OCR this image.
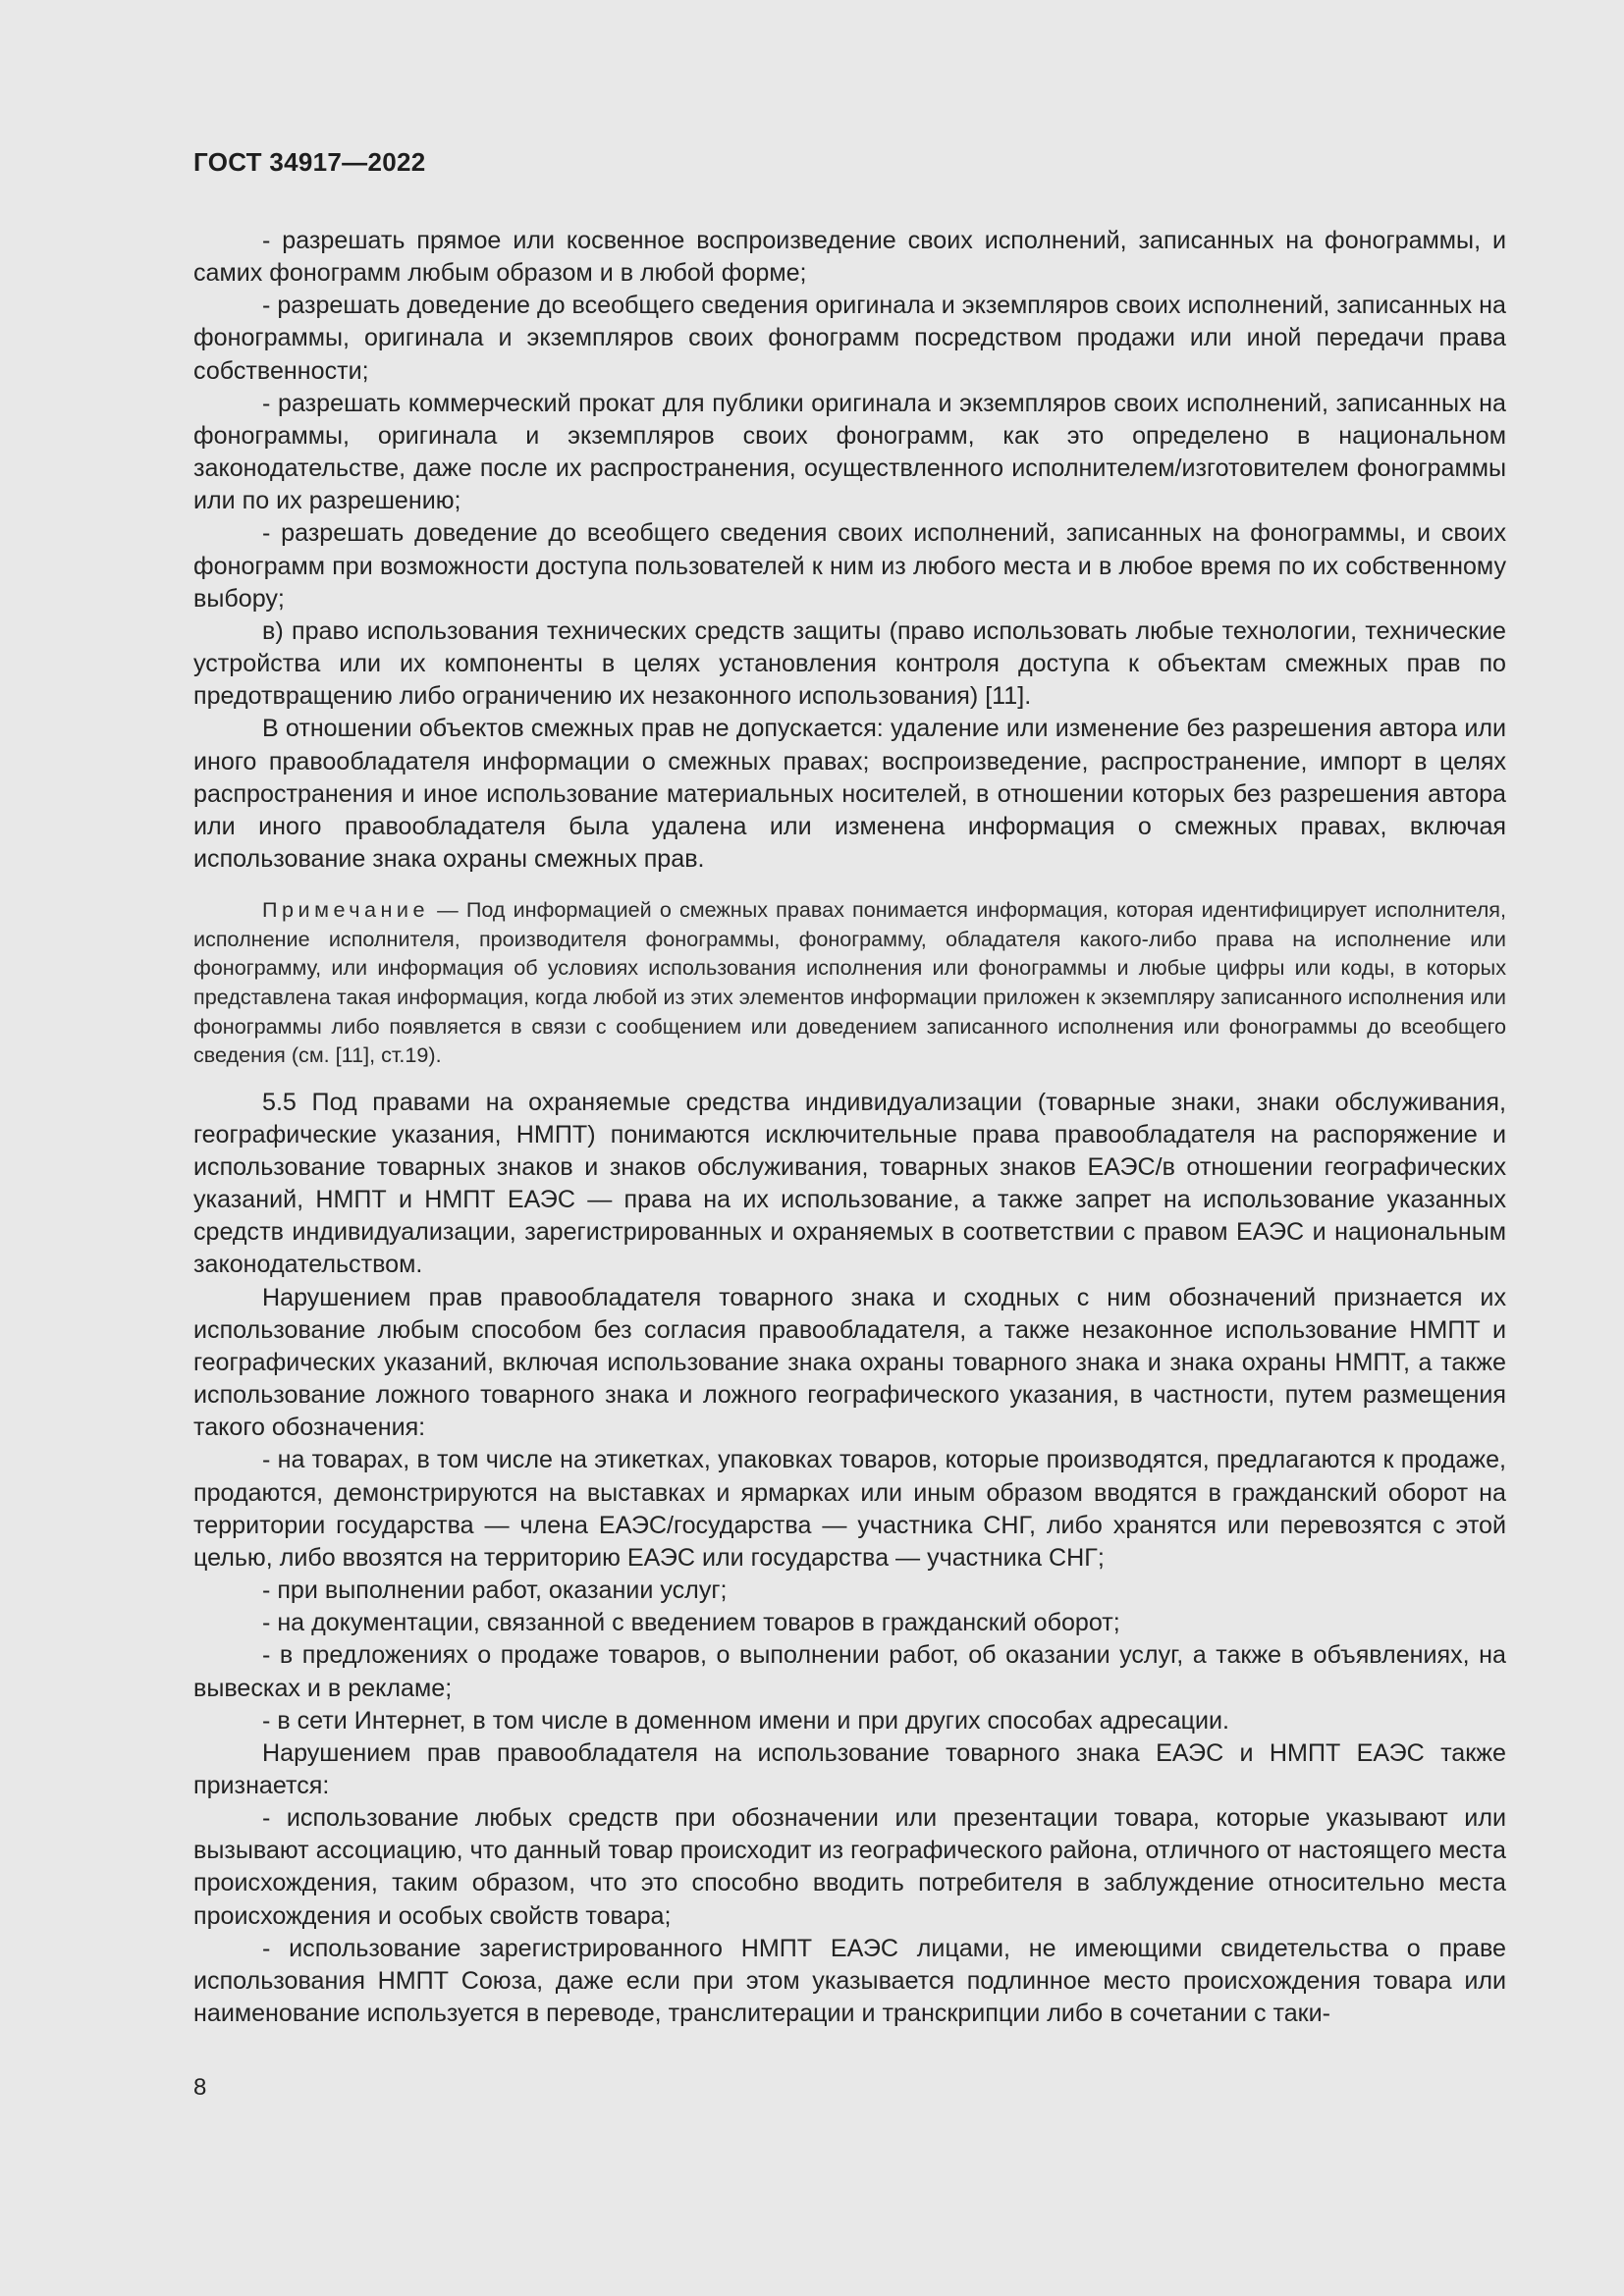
ГОСТ 34917—2022

- разрешать прямое или косвенное воспроизведение своих исполнений, записанных на фонограммы, и самих фонограмм любым образом и в любой форме;

- разрешать доведение до всеобщего сведения оригинала и экземпляров своих исполнений, записанных на фонограммы, оригинала и экземпляров своих фонограмм посредством продажи или иной передачи права собственности;

- разрешать коммерческий прокат для публики оригинала и экземпляров своих исполнений, записанных на фонограммы, оригинала и экземпляров своих фонограмм, как это определено в национальном законодательстве, даже после их распространения, осуществленного исполнителем/изготовителем фонограммы или по их разрешению;

- разрешать доведение до всеобщего сведения своих исполнений, записанных на фонограммы, и своих фонограмм при возможности доступа пользователей к ним из любого места и в любое время по их собственному выбору;

в) право использования технических средств защиты (право использовать любые технологии, технические устройства или их компоненты в целях установления контроля доступа к объектам смежных прав по предотвращению либо ограничению их незаконного использования) [11].

В отношении объектов смежных прав не допускается: удаление или изменение без разрешения автора или иного правообладателя информации о смежных правах; воспроизведение, распространение, импорт в целях распространения и иное использование материальных носителей, в отношении которых без разрешения автора или иного правообладателя была удалена или изменена информация о смежных правах, включая использование знака охраны смежных прав.

Примечание — Под информацией о смежных правах понимается информация, которая идентифицирует исполнителя, исполнение исполнителя, производителя фонограммы, фонограмму, обладателя какого-либо права на исполнение или фонограмму, или информация об условиях использования исполнения или фонограммы и любые цифры или коды, в которых представлена такая информация, когда любой из этих элементов информации приложен к экземпляру записанного исполнения или фонограммы либо появляется в связи с сообщением или доведением записанного исполнения или фонограммы до всеобщего сведения (см. [11], ст.19).

5.5 Под правами на охраняемые средства индивидуализации (товарные знаки, знаки обслуживания, географические указания, НМПТ) понимаются исключительные права правообладателя на распоряжение и использование товарных знаков и знаков обслуживания, товарных знаков ЕАЭС/в отношении географических указаний, НМПТ и НМПТ ЕАЭС — права на их использование, а также запрет на использование указанных средств индивидуализации, зарегистрированных и охраняемых в соответствии с правом ЕАЭС и национальным законодательством.

Нарушением прав правообладателя товарного знака и сходных с ним обозначений признается их использование любым способом без согласия правообладателя, а также незаконное использование НМПТ и географических указаний, включая использование знака охраны товарного знака и знака охраны НМПТ, а также использование ложного товарного знака и ложного географического указания, в частности, путем размещения такого обозначения:

- на товарах, в том числе на этикетках, упаковках товаров, которые производятся, предлагаются к продаже, продаются, демонстрируются на выставках и ярмарках или иным образом вводятся в гражданский оборот на территории государства — члена ЕАЭС/государства — участника СНГ, либо хранятся или перевозятся с этой целью, либо ввозятся на территорию ЕАЭС или государства — участника СНГ;

- при выполнении работ, оказании услуг;

- на документации, связанной с введением товаров в гражданский оборот;

- в предложениях о продаже товаров, о выполнении работ, об оказании услуг, а также в объявлениях, на вывесках и в рекламе;

- в сети Интернет, в том числе в доменном имени и при других способах адресации.

Нарушением прав правообладателя на использование товарного знака ЕАЭС и НМПТ ЕАЭС также признается:

- использование любых средств при обозначении или презентации товара, которые указывают или вызывают ассоциацию, что данный товар происходит из географического района, отличного от настоящего места происхождения, таким образом, что это способно вводить потребителя в заблуждение относительно места происхождения и особых свойств товара;

- использование зарегистрированного НМПТ ЕАЭС лицами, не имеющими свидетельства о праве использования НМПТ Союза, даже если при этом указывается подлинное место происхождения товара или наименование используется в переводе, транслитерации и транскрипции либо в сочетании с таки-

8
